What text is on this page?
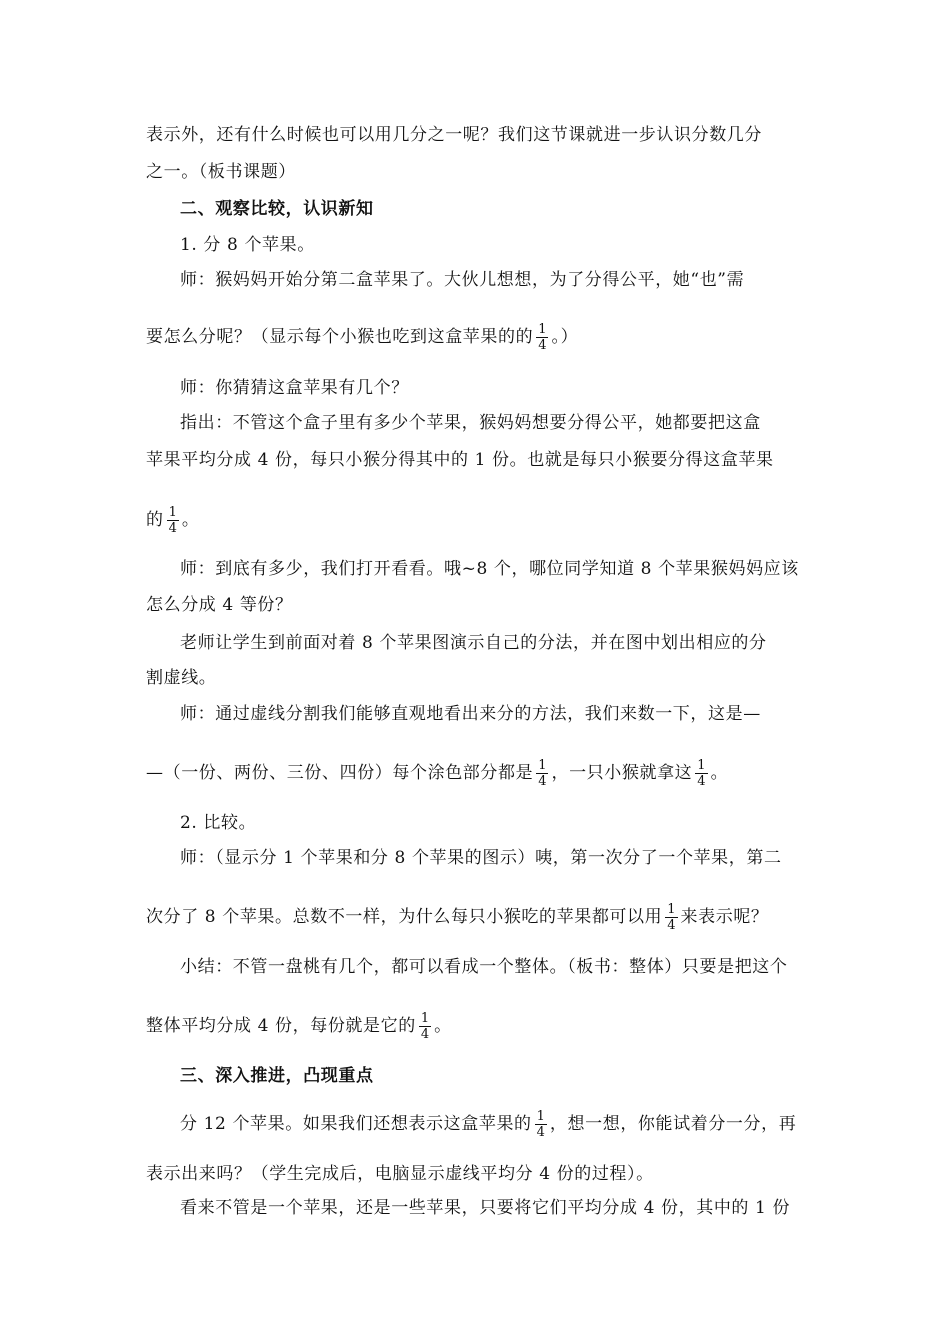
表示外，还有什么时候也可以用几分之一呢？我们这节课就进一步认识分数几分
之一。（板书课题）
二、观察比较，认识新知
1. 分 8 个苹果。
师：猴妈妈开始分第二盒苹果了。大伙儿想想，为了分得公平，她“也”需
要怎么分呢？（显示每个小猴也吃到这盒苹果的的 $\frac{1}{4}$ 。）
师：你猜猜这盒苹果有几个？
指出：不管这个盒子里有多少个苹果，猴妈妈想要分得公平，她都要把这盒
苹果平均分成 4 份，每只小猴分得其中的 1 份。也就是每只小猴要分得这盒苹果
的 $\frac{1}{4}$ 。
师：到底有多少，我们打开看看。哦~8 个，哪位同学知道 8 个苹果猴妈妈应该
怎么分成 4 等份？
老师让学生到前面对着 8 个苹果图演示自己的分法，并在图中划出相应的分
割虚线。
师：通过虚线分割我们能够直观地看出来分的方法，我们来数一下，这是—
—（一份、两份、三份、四份）每个涂色部分都是 $\frac{1}{4}$ ，一只小猴就拿这 $\frac{1}{4}$ 。
2. 比较。
师：（显示分 1 个苹果和分 8 个苹果的图示）咦，第一次分了一个苹果，第二
次分了 8 个苹果。总数不一样，为什么每只小猴吃的苹果都可以用 $\frac{1}{4}$ 来表示呢？
小结：不管一盘桃有几个，都可以看成一个整体。（板书：整体）只要是把这个
整体平均分成 4 份，每份就是它的 $\frac{1}{4}$ 。
三、深入推进，凸现重点
分 12 个苹果。如果我们还想表示这盒苹果的 $\frac{1}{4}$ ，想一想，你能试着分一分，再
表示出来吗？（学生完成后，电脑显示虚线平均分 4 份的过程）。
看来不管是一个苹果，还是一些苹果，只要将它们平均分成 4 份，其中的 1 份
